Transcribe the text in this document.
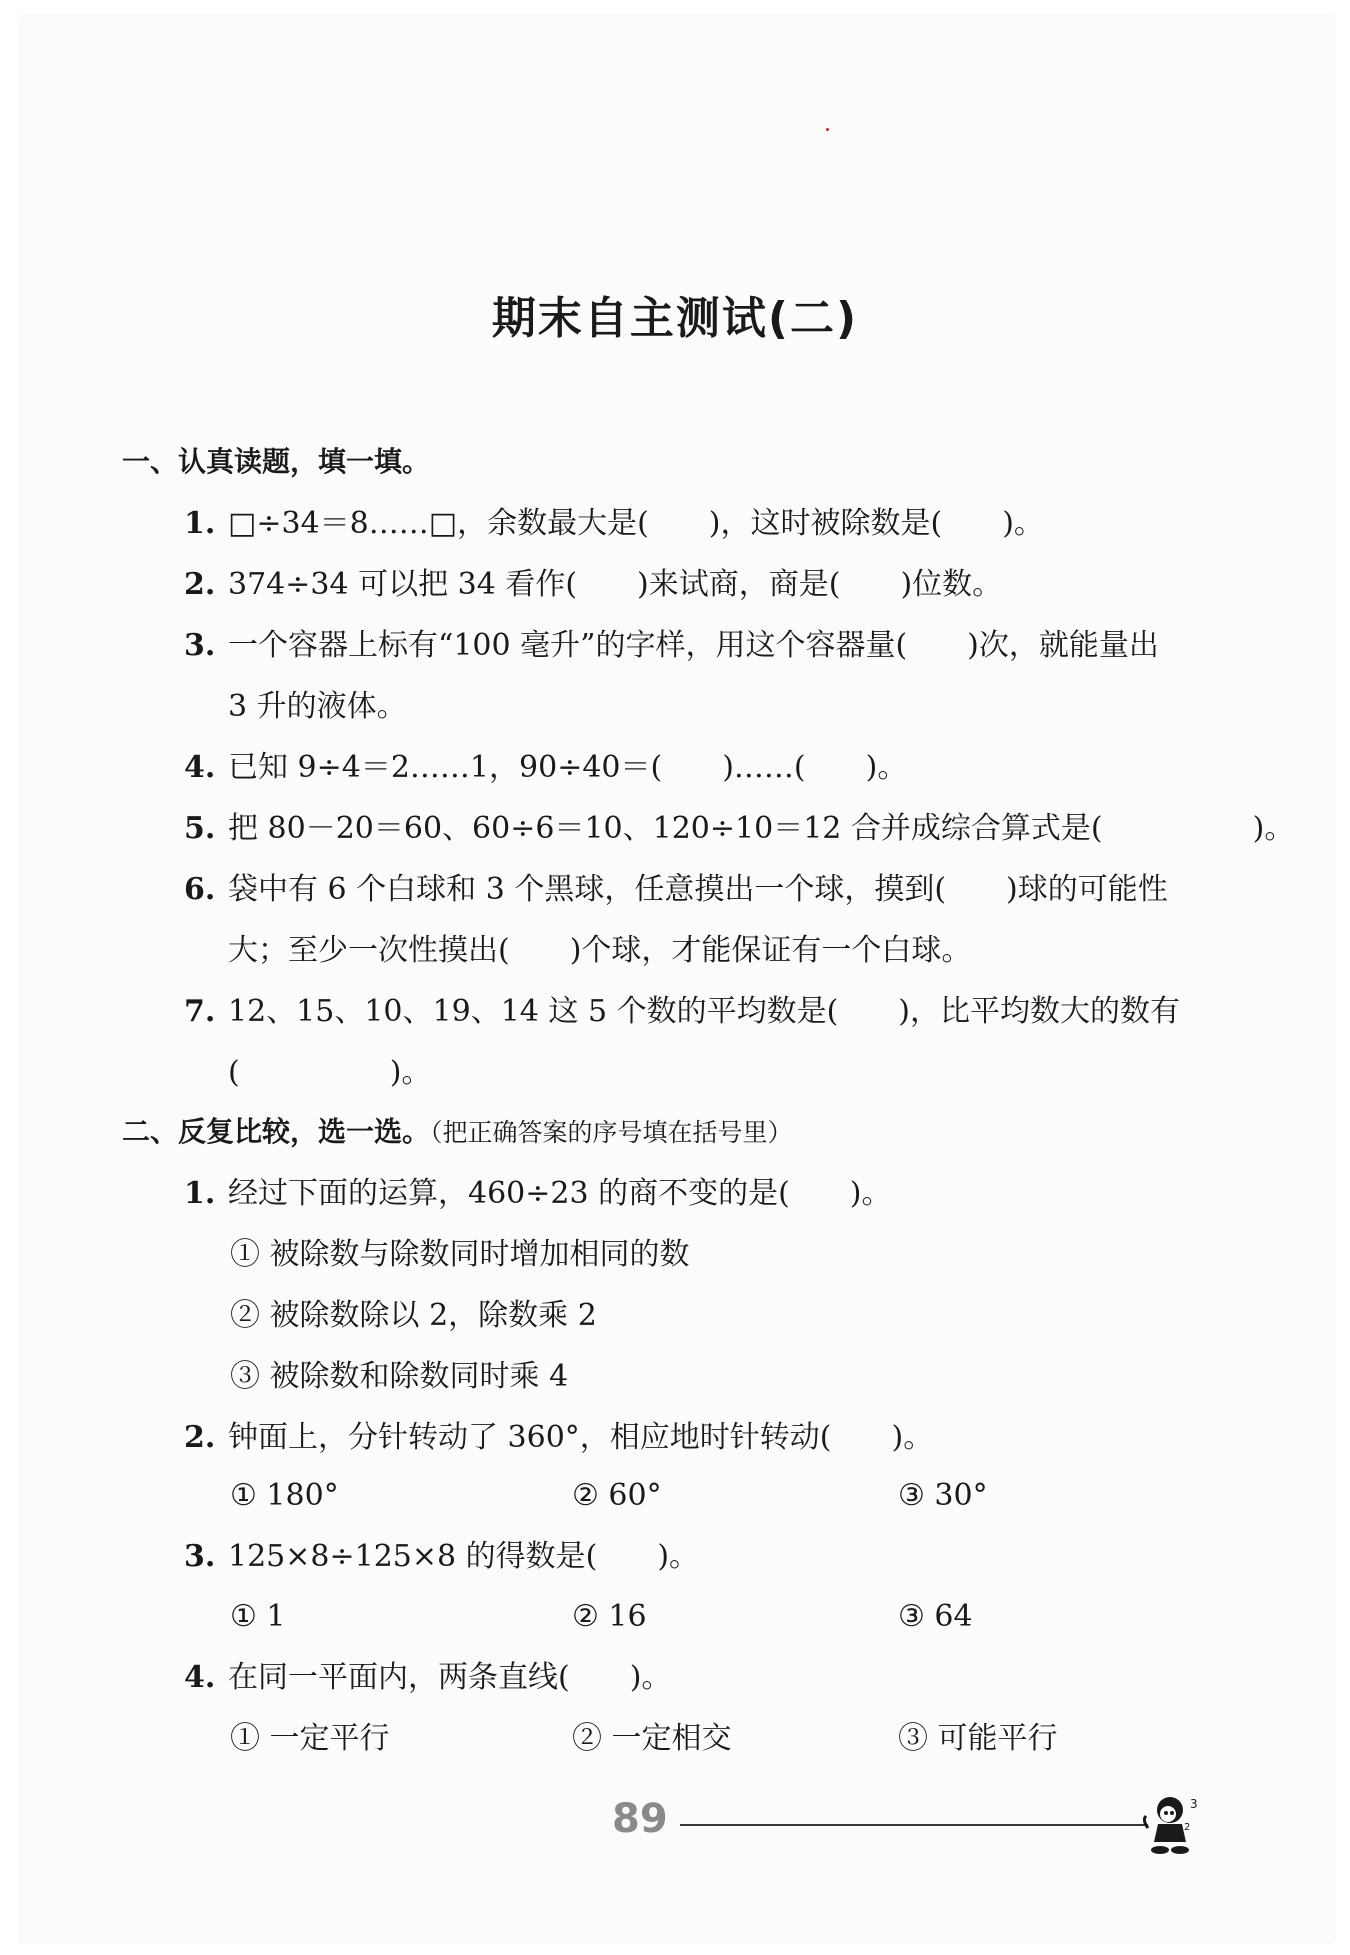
期末自主测试(二)
一、认真读题，填一填。
1. □÷34＝8……□，余数最大是(　　)，这时被除数是(　　)。
2. 374÷34 可以把 34 看作(　　)来试商，商是(　　)位数。
3. 一个容器上标有“100 毫升”的字样，用这个容器量(　　)次，就能量出
3 升的液体。
4. 已知 9÷4＝2……1，90÷40＝(　　)……(　　)。
5. 把 80－20＝60、60÷6＝10、120÷10＝12 合并成综合算式是(　　　　　)。
6. 袋中有 6 个白球和 3 个黑球，任意摸出一个球，摸到(　　)球的可能性
大；至少一次性摸出(　　)个球，才能保证有一个白球。
7. 12、15、10、19、14 这 5 个数的平均数是(　　)，比平均数大的数有
(　　　　　)。
二、反复比较，选一选。（把正确答案的序号填在括号里）
1. 经过下面的运算，460÷23 的商不变的是(　　)。
① 被除数与除数同时增加相同的数
② 被除数除以 2，除数乘 2
③ 被除数和除数同时乘 4
2. 钟面上，分针转动了 360°，相应地时针转动(　　)。
① 180°	② 60°	③ 30°
3. 125×8÷125×8 的得数是(　　)。
① 1	② 16	③ 64
4. 在同一平面内，两条直线(　　)。
① 一定平行	② 一定相交	③ 可能平行
89	3
2
